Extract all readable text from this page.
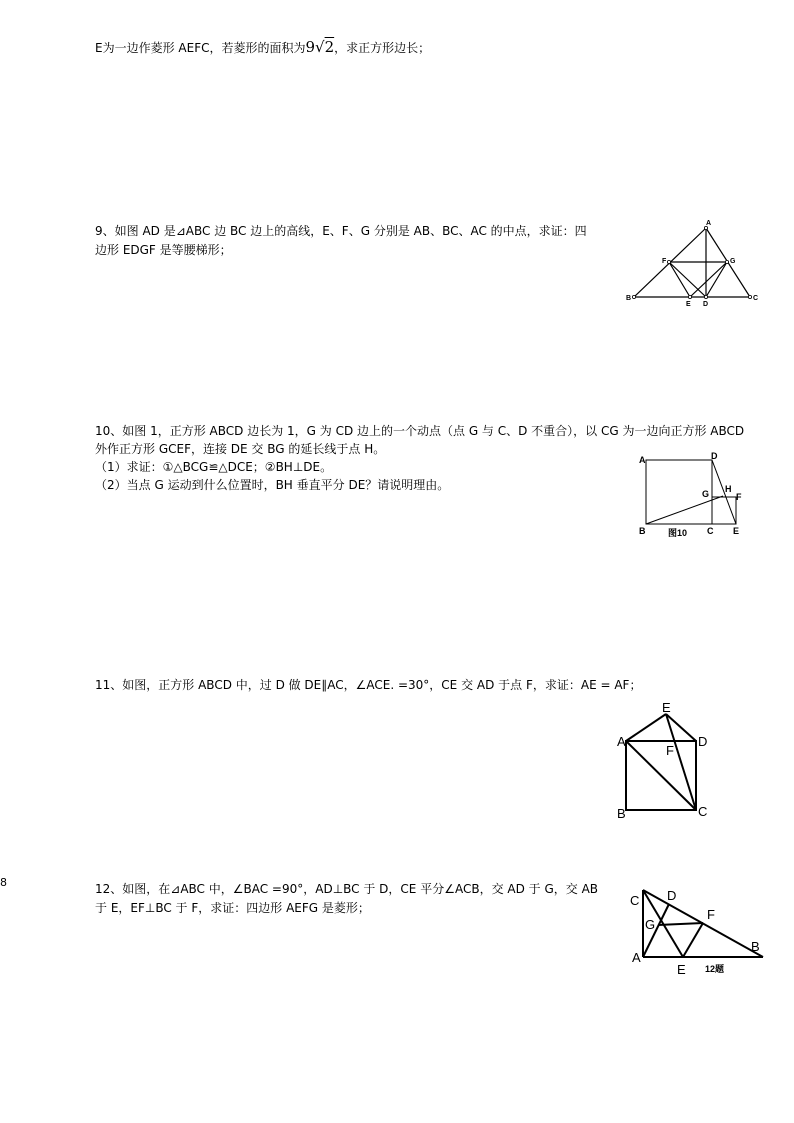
E为一边作菱形 AEFC，若菱形的面积为9√2，求正方形边长；
9、如图 AD 是⊿ABC 边 BC 边上的高线，E、F、G 分别是 AB、BC、AC 的中点，求证：四
边形 EDGF 是等腰梯形；
A
B	C
F	G
E D
10、如图 1，正方形 ABCD 边长为 1，G 为 CD 边上的一个动点（点 G 与 C、D 不重合），以 CG 为一边向正方形 ABCD
外作正方形 GCEF，连接 DE 交 BG 的延长线于点 H。
（1）求证：①△BCG≌△DCE；②BH⊥DE。
（2）当点 G 运动到什么位置时，BH 垂直平分 DE？请说明理由。
A	D
B	C E
F
G H
图10
11、如图，正方形 ABCD 中，过 D 做 DE∥AC，∠ACE. =30°，CE 交 AD 于点 F，求证：AE = AF；
A	D
B	C
E
F
8	12、如图，在⊿ABC 中，∠BAC =90°，AD⊥BC 于 D，CE 平分∠ACB，交 AD 于 G，交 AB
于 E，EF⊥BC 于 F，求证：四边形 AEFG 是菱形；	C D
G
F
B
A
E 12题
